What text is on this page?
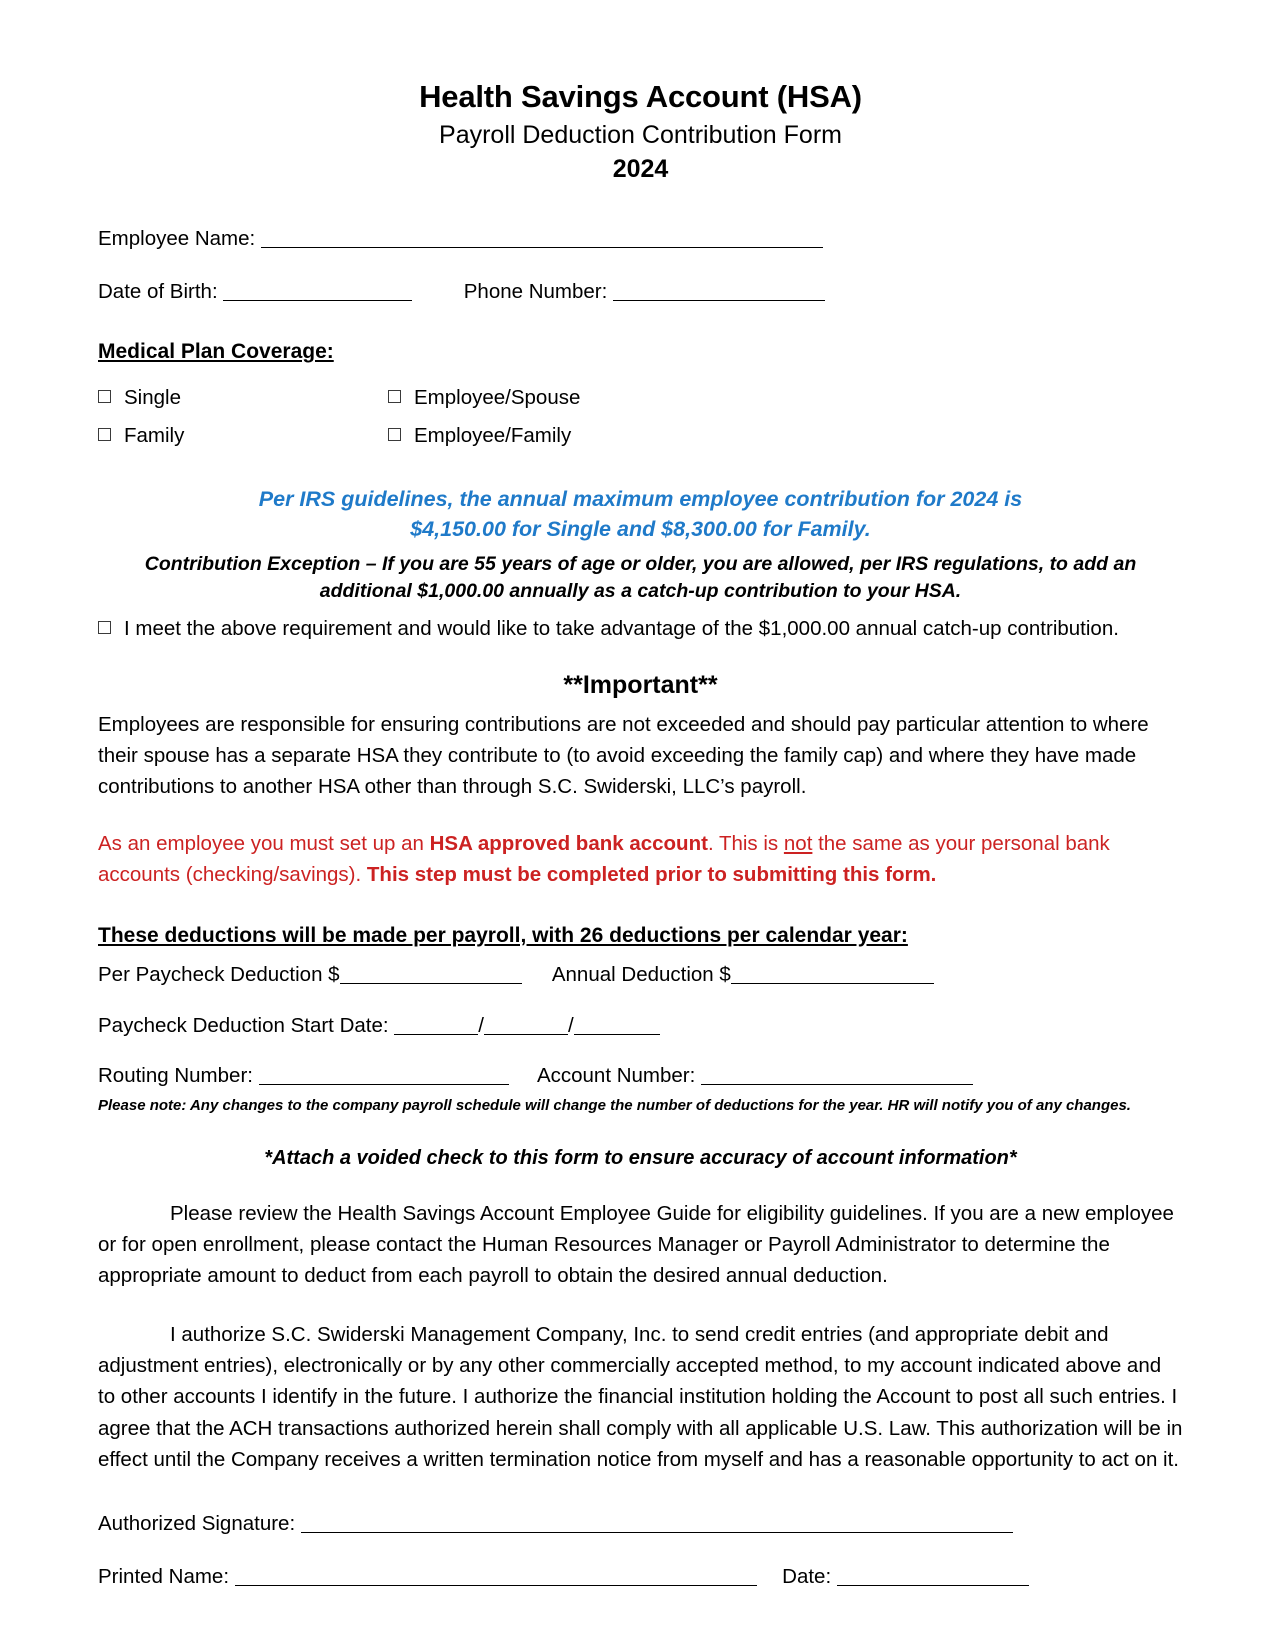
Health Savings Account (HSA)
Payroll Deduction Contribution Form
2024
Employee Name:
Date of Birth:	Phone Number:
Medical Plan Coverage:
Single	Employee/Spouse
Family	Employee/Family
Per IRS guidelines, the annual maximum employee contribution for 2024 is
$4,150.00 for Single and $8,300.00 for Family.
Contribution Exception – If you are 55 years of age or older, you are allowed, per IRS regulations, to add an additional $1,000.00 annually as a catch-up contribution to your HSA.
I meet the above requirement and would like to take advantage of the $1,000.00 annual catch-up contribution.
**Important**
Employees are responsible for ensuring contributions are not exceeded and should pay particular attention to where their spouse has a separate HSA they contribute to (to avoid exceeding the family cap) and where they have made contributions to another HSA other than through S.C. Swiderski, LLC’s payroll.
As an employee you must set up an HSA approved bank account. This is not the same as your personal bank accounts (checking/savings). This step must be completed prior to submitting this form.
These deductions will be made per payroll, with 26 deductions per calendar year:
Per Paycheck Deduction $	Annual Deduction $
Paycheck Deduction Start Date:	/	/
Routing Number:	Account Number:
Please note: Any changes to the company payroll schedule will change the number of deductions for the year. HR will notify you of any changes.
*Attach a voided check to this form to ensure accuracy of account information*
Please review the Health Savings Account Employee Guide for eligibility guidelines. If you are a new employee or for open enrollment, please contact the Human Resources Manager or Payroll Administrator to determine the appropriate amount to deduct from each payroll to obtain the desired annual deduction.
I authorize S.C. Swiderski Management Company, Inc. to send credit entries (and appropriate debit and adjustment entries), electronically or by any other commercially accepted method, to my account indicated above and to other accounts I identify in the future. I authorize the financial institution holding the Account to post all such entries. I agree that the ACH transactions authorized herein shall comply with all applicable U.S. Law. This authorization will be in effect until the Company receives a written termination notice from myself and has a reasonable opportunity to act on it.
Authorized Signature:
Printed Name:	Date:
